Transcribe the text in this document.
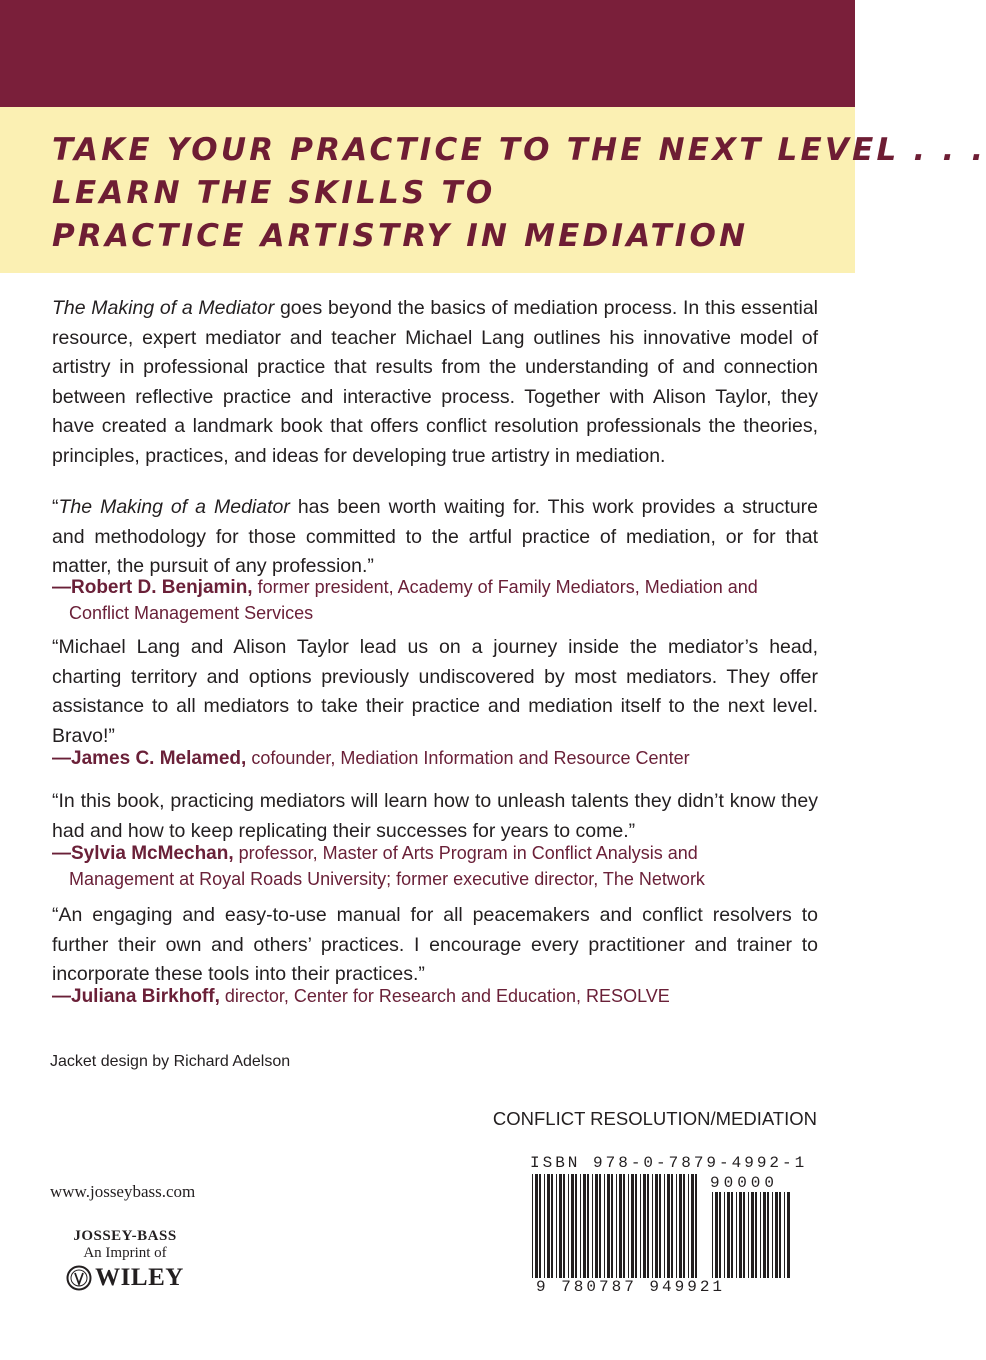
TAKE YOUR PRACTICE TO THE NEXT LEVEL . . .

LEARN THE SKILLS TO

PRACTICE ARTISTRY IN MEDIATION

The Making of a Mediator goes beyond the basics of mediation process. In this essential resource, expert mediator and teacher Michael Lang outlines his innovative model of artistry in professional practice that results from the understanding of and connection between reflective practice and interactive process. Together with Alison Taylor, they have created a landmark book that offers conflict resolution professionals the theories, principles, practices, and ideas for developing true artistry in mediation.

“The Making of a Mediator has been worth waiting for. This work provides a structure and methodology for those committed to the artful practice of mediation, or for that matter, the pursuit of any profession.”

—Robert D. Benjamin, former president, Academy of Family Mediators, Mediation and
Conflict Management Services

“Michael Lang and Alison Taylor lead us on a journey inside the mediator’s head, charting territory and options previously undiscovered by most mediators. They offer assistance to all mediators to take their practice and mediation itself to the next level. Bravo!”

—James C. Melamed, cofounder, Mediation Information and Resource Center

“In this book, practicing mediators will learn how to unleash talents they didn’t know they had and how to keep replicating their successes for years to come.”

—Sylvia McMechan, professor, Master of Arts Program in Conflict Analysis and
Management at Royal Roads University; former executive director, The Network

“An engaging and easy-to-use manual for all peacemakers and conflict resolvers to further their own and others’ practices. I encourage every practitioner and trainer to incorporate these tools into their practices.”

—Juliana Birkhoff, director, Center for Research and Education, RESOLVE

Jacket design by Richard Adelson
CONFLICT RESOLUTION/MEDIATION
www.josseybass.com
JOSSEY-BASS
An Imprint of
WILEY
ISBN 978-0-7879-4992-1
90000
9 780787 949921
